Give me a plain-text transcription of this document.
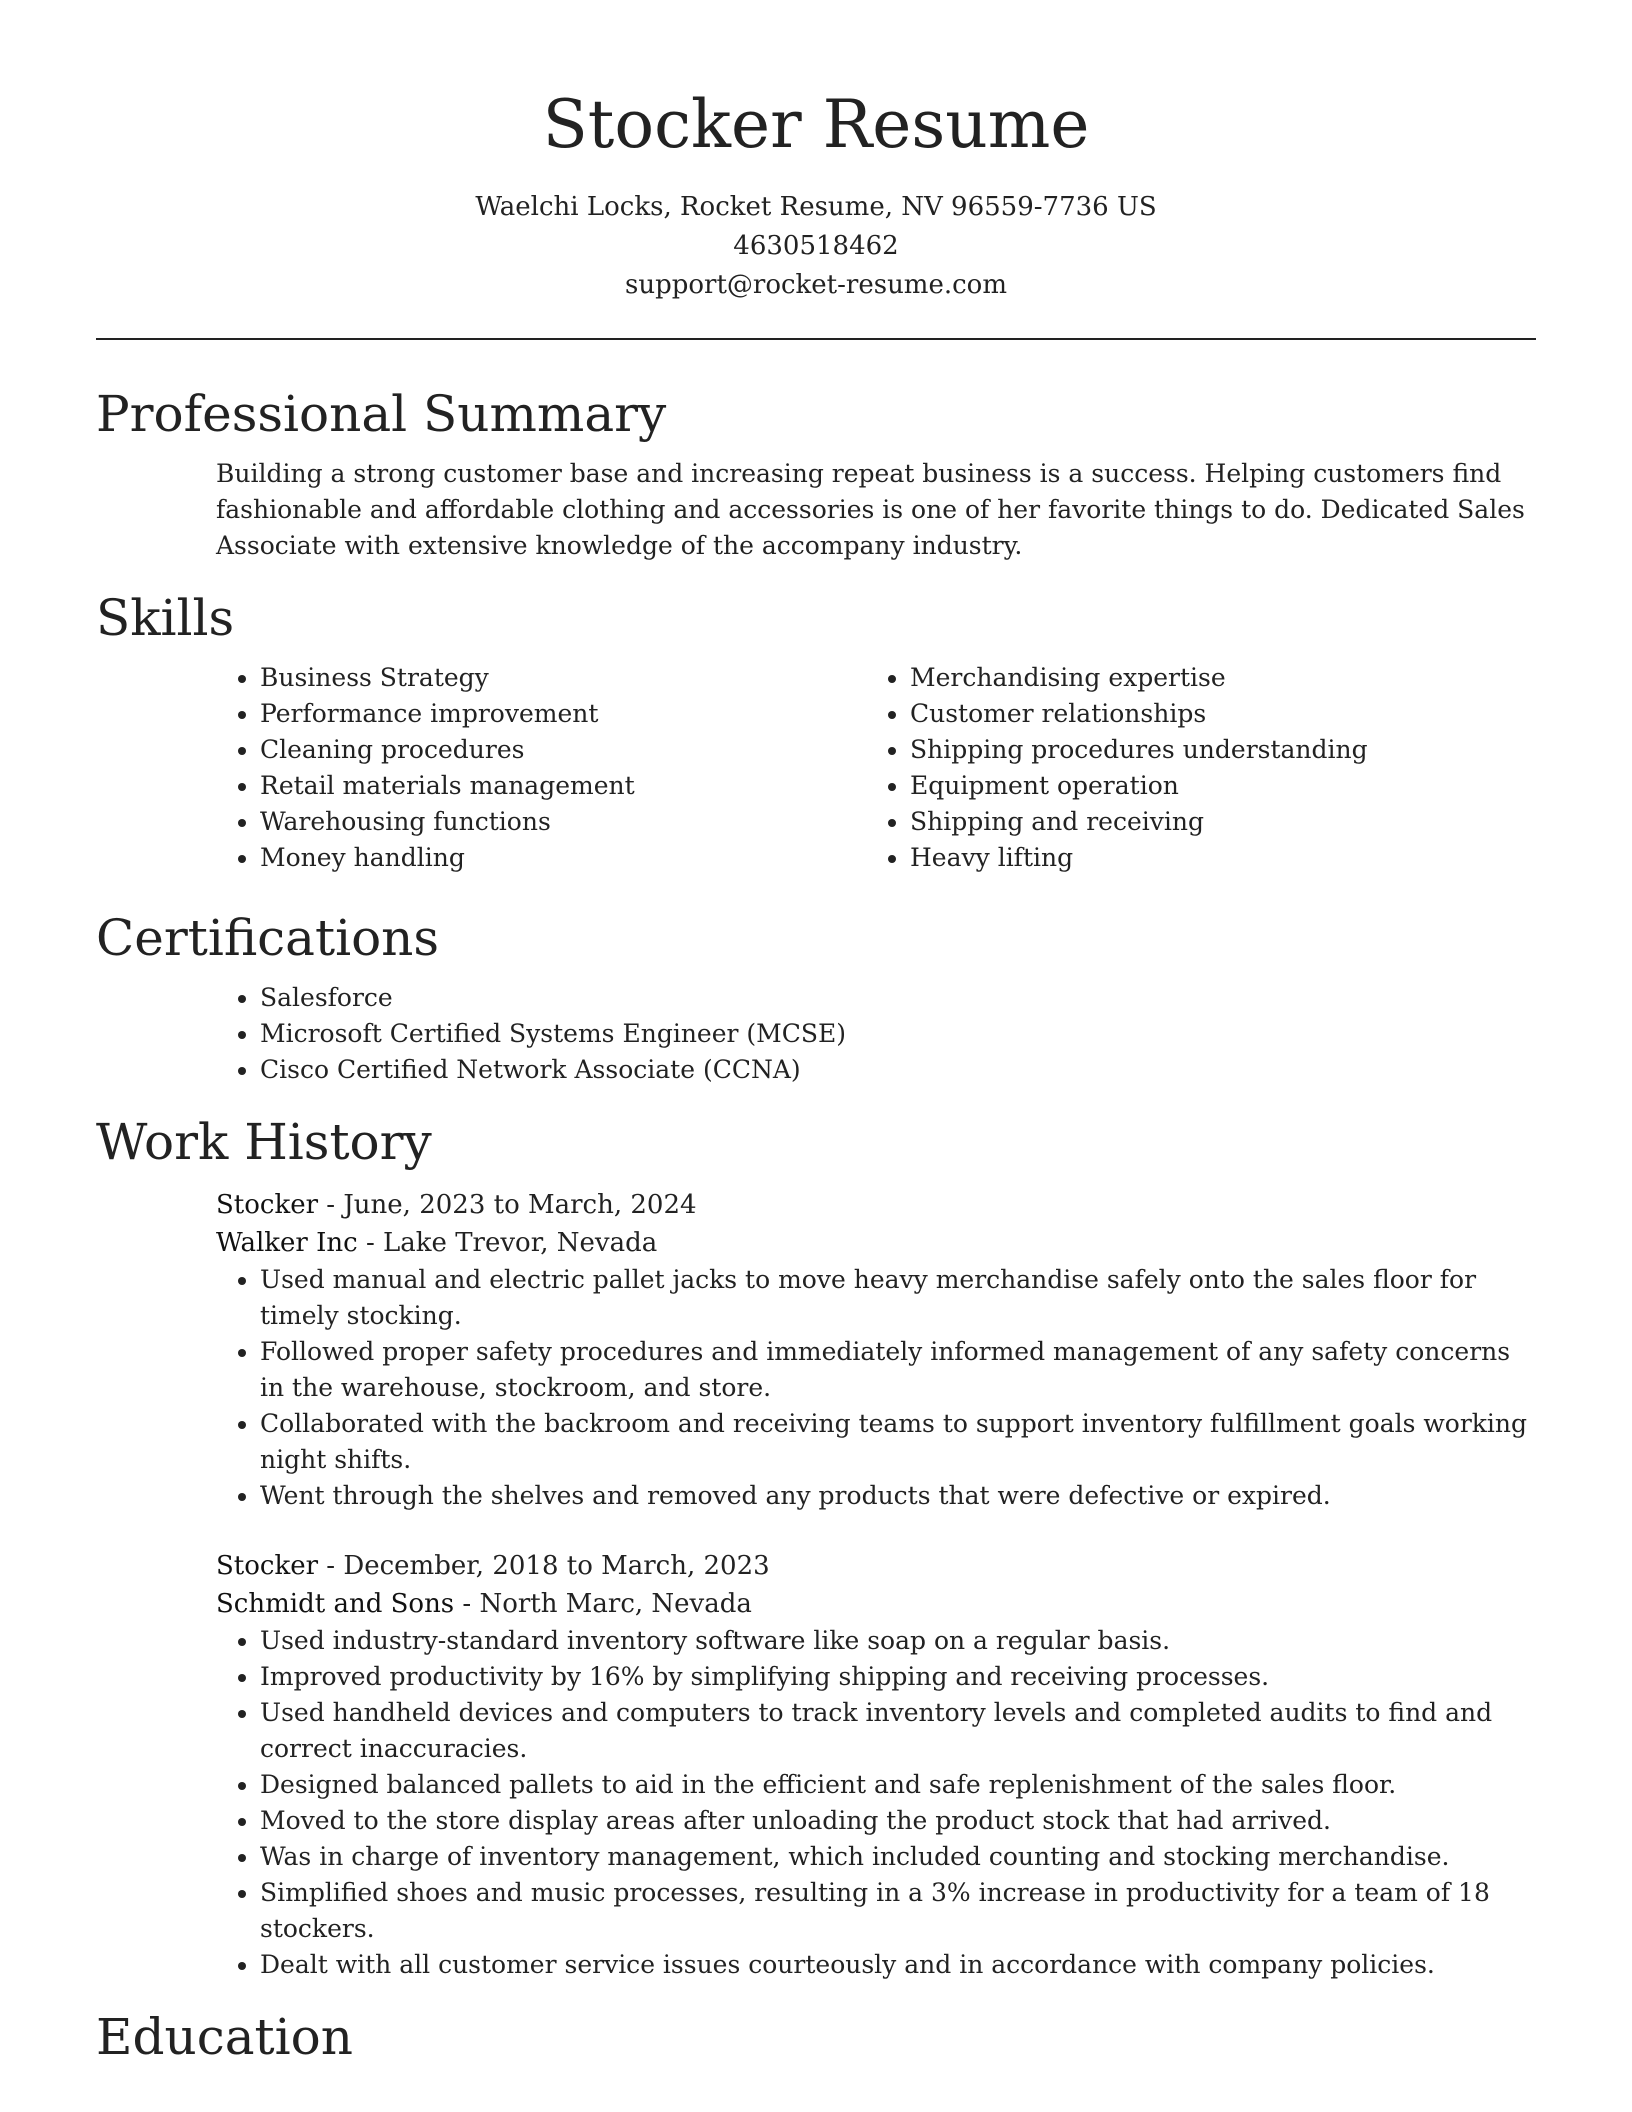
Stocker Resume

Waelchi Locks, Rocket Resume, NV 96559-7736 US

4630518462

support@rocket-resume.com

Professional Summary

Building a strong customer base and increasing repeat business is a success. Helping customers find fashionable and affordable clothing and accessories is one of her favorite things to do. Dedicated Sales Associate with extensive knowledge of the accompany industry.

Skills
• Business Strategy
• Performance improvement
• Cleaning procedures
• Retail materials management
• Warehousing functions
• Money handling
• Merchandising expertise
• Customer relationships
• Shipping procedures understanding
• Equipment operation
• Shipping and receiving
• Heavy lifting
Certifications
• Salesforce
• Microsoft Certified Systems Engineer (MCSE)
• Cisco Certified Network Associate (CCNA)
Work History

Stocker - June, 2023 to March, 2024

Walker Inc - Lake Trevor, Nevada

• Used manual and electric pallet jacks to move heavy merchandise safely onto the sales floor for timely stocking.
• Followed proper safety procedures and immediately informed management of any safety concerns in the warehouse, stockroom, and store.
• Collaborated with the backroom and receiving teams to support inventory fulfillment goals working night shifts.
• Went through the shelves and removed any products that were defective or expired.

Stocker - December, 2018 to March, 2023

Schmidt and Sons - North Marc, Nevada

• Used industry-standard inventory software like soap on a regular basis.
• Improved productivity by 16% by simplifying shipping and receiving processes.
• Used handheld devices and computers to track inventory levels and completed audits to find and correct inaccuracies.
• Designed balanced pallets to aid in the efficient and safe replenishment of the sales floor.
• Moved to the store display areas after unloading the product stock that had arrived.
• Was in charge of inventory management, which included counting and stocking merchandise.
• Simplified shoes and music processes, resulting in a 3% increase in productivity for a team of 18 stockers.
• Dealt with all customer service issues courteously and in accordance with company policies.
Education
